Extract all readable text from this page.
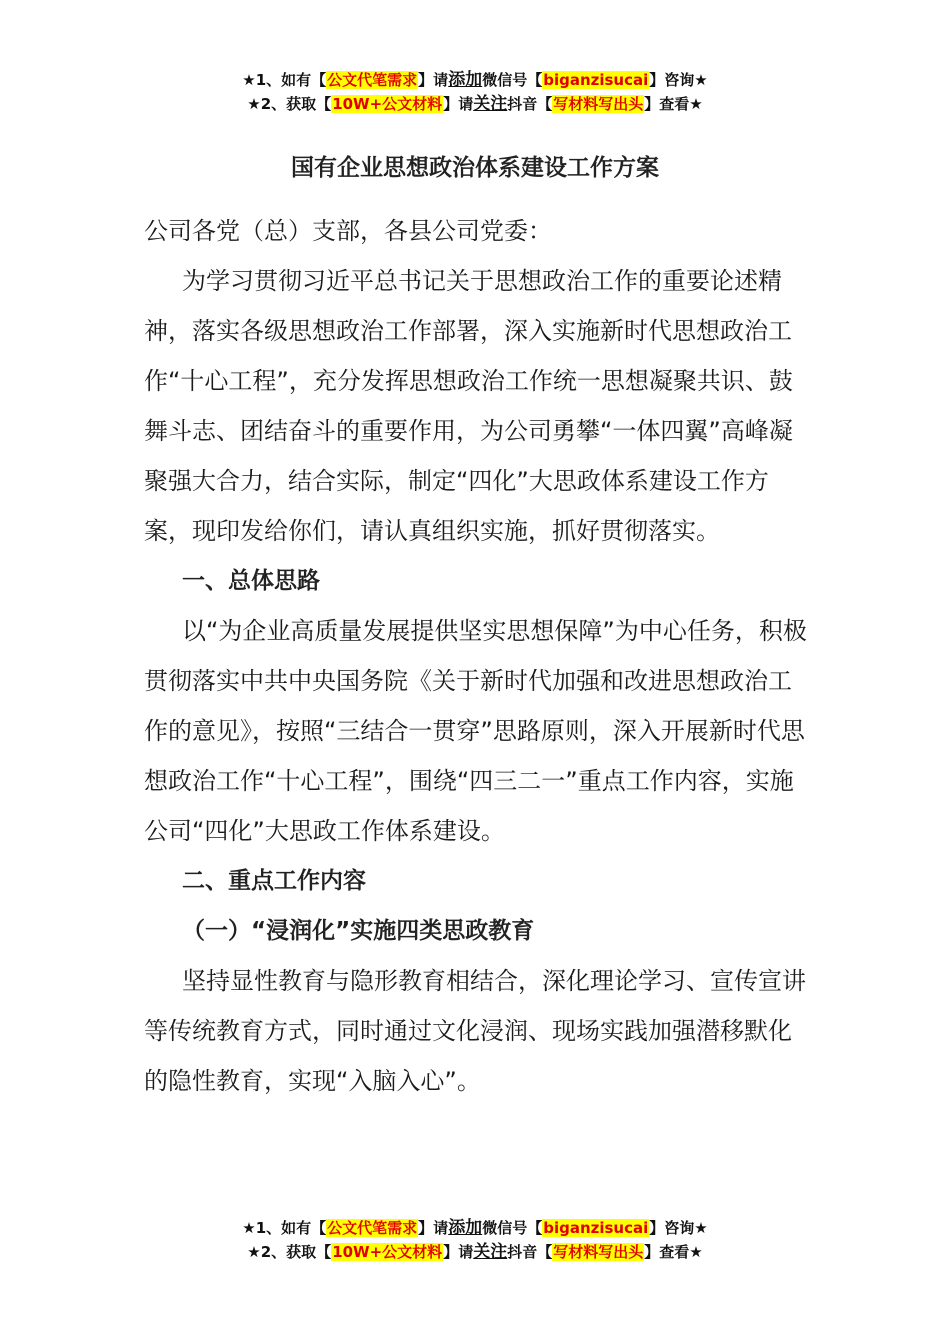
★1、如有【公文代笔需求】请添加微信号【biganzisucai】咨询★
★2、获取【10W+公文材料】请关注抖音【写材料写出头】查看★
国有企业思想政治体系建设工作方案

公司各党（总）支部，各县公司党委：

为学习贯彻习近平总书记关于思想政治工作的重要论述精神，落实各级思想政治工作部署，深入实施新时代思想政治工作“十心工程”，充分发挥思想政治工作统一思想凝聚共识、鼓舞斗志、团结奋斗的重要作用，为公司勇攀“一体四翼”高峰凝聚强大合力，结合实际，制定“四化”大思政体系建设工作方案，现印发给你们，请认真组织实施，抓好贯彻落实。

一、总体思路

以“为企业高质量发展提供坚实思想保障”为中心任务，积极贯彻落实中共中央国务院《关于新时代加强和改进思想政治工作的意见》，按照“三结合一贯穿”思路原则，深入开展新时代思想政治工作“十心工程”，围绕“四三二一”重点工作内容，实施公司“四化”大思政工作体系建设。

二、重点工作内容

（一）“浸润化”实施四类思政教育

坚持显性教育与隐形教育相结合，深化理论学习、宣传宣讲等传统教育方式，同时通过文化浸润、现场实践加强潜移默化的隐性教育，实现“入脑入心”。

★1、如有【公文代笔需求】请添加微信号【biganzisucai】咨询★
★2、获取【10W+公文材料】请关注抖音【写材料写出头】查看★
